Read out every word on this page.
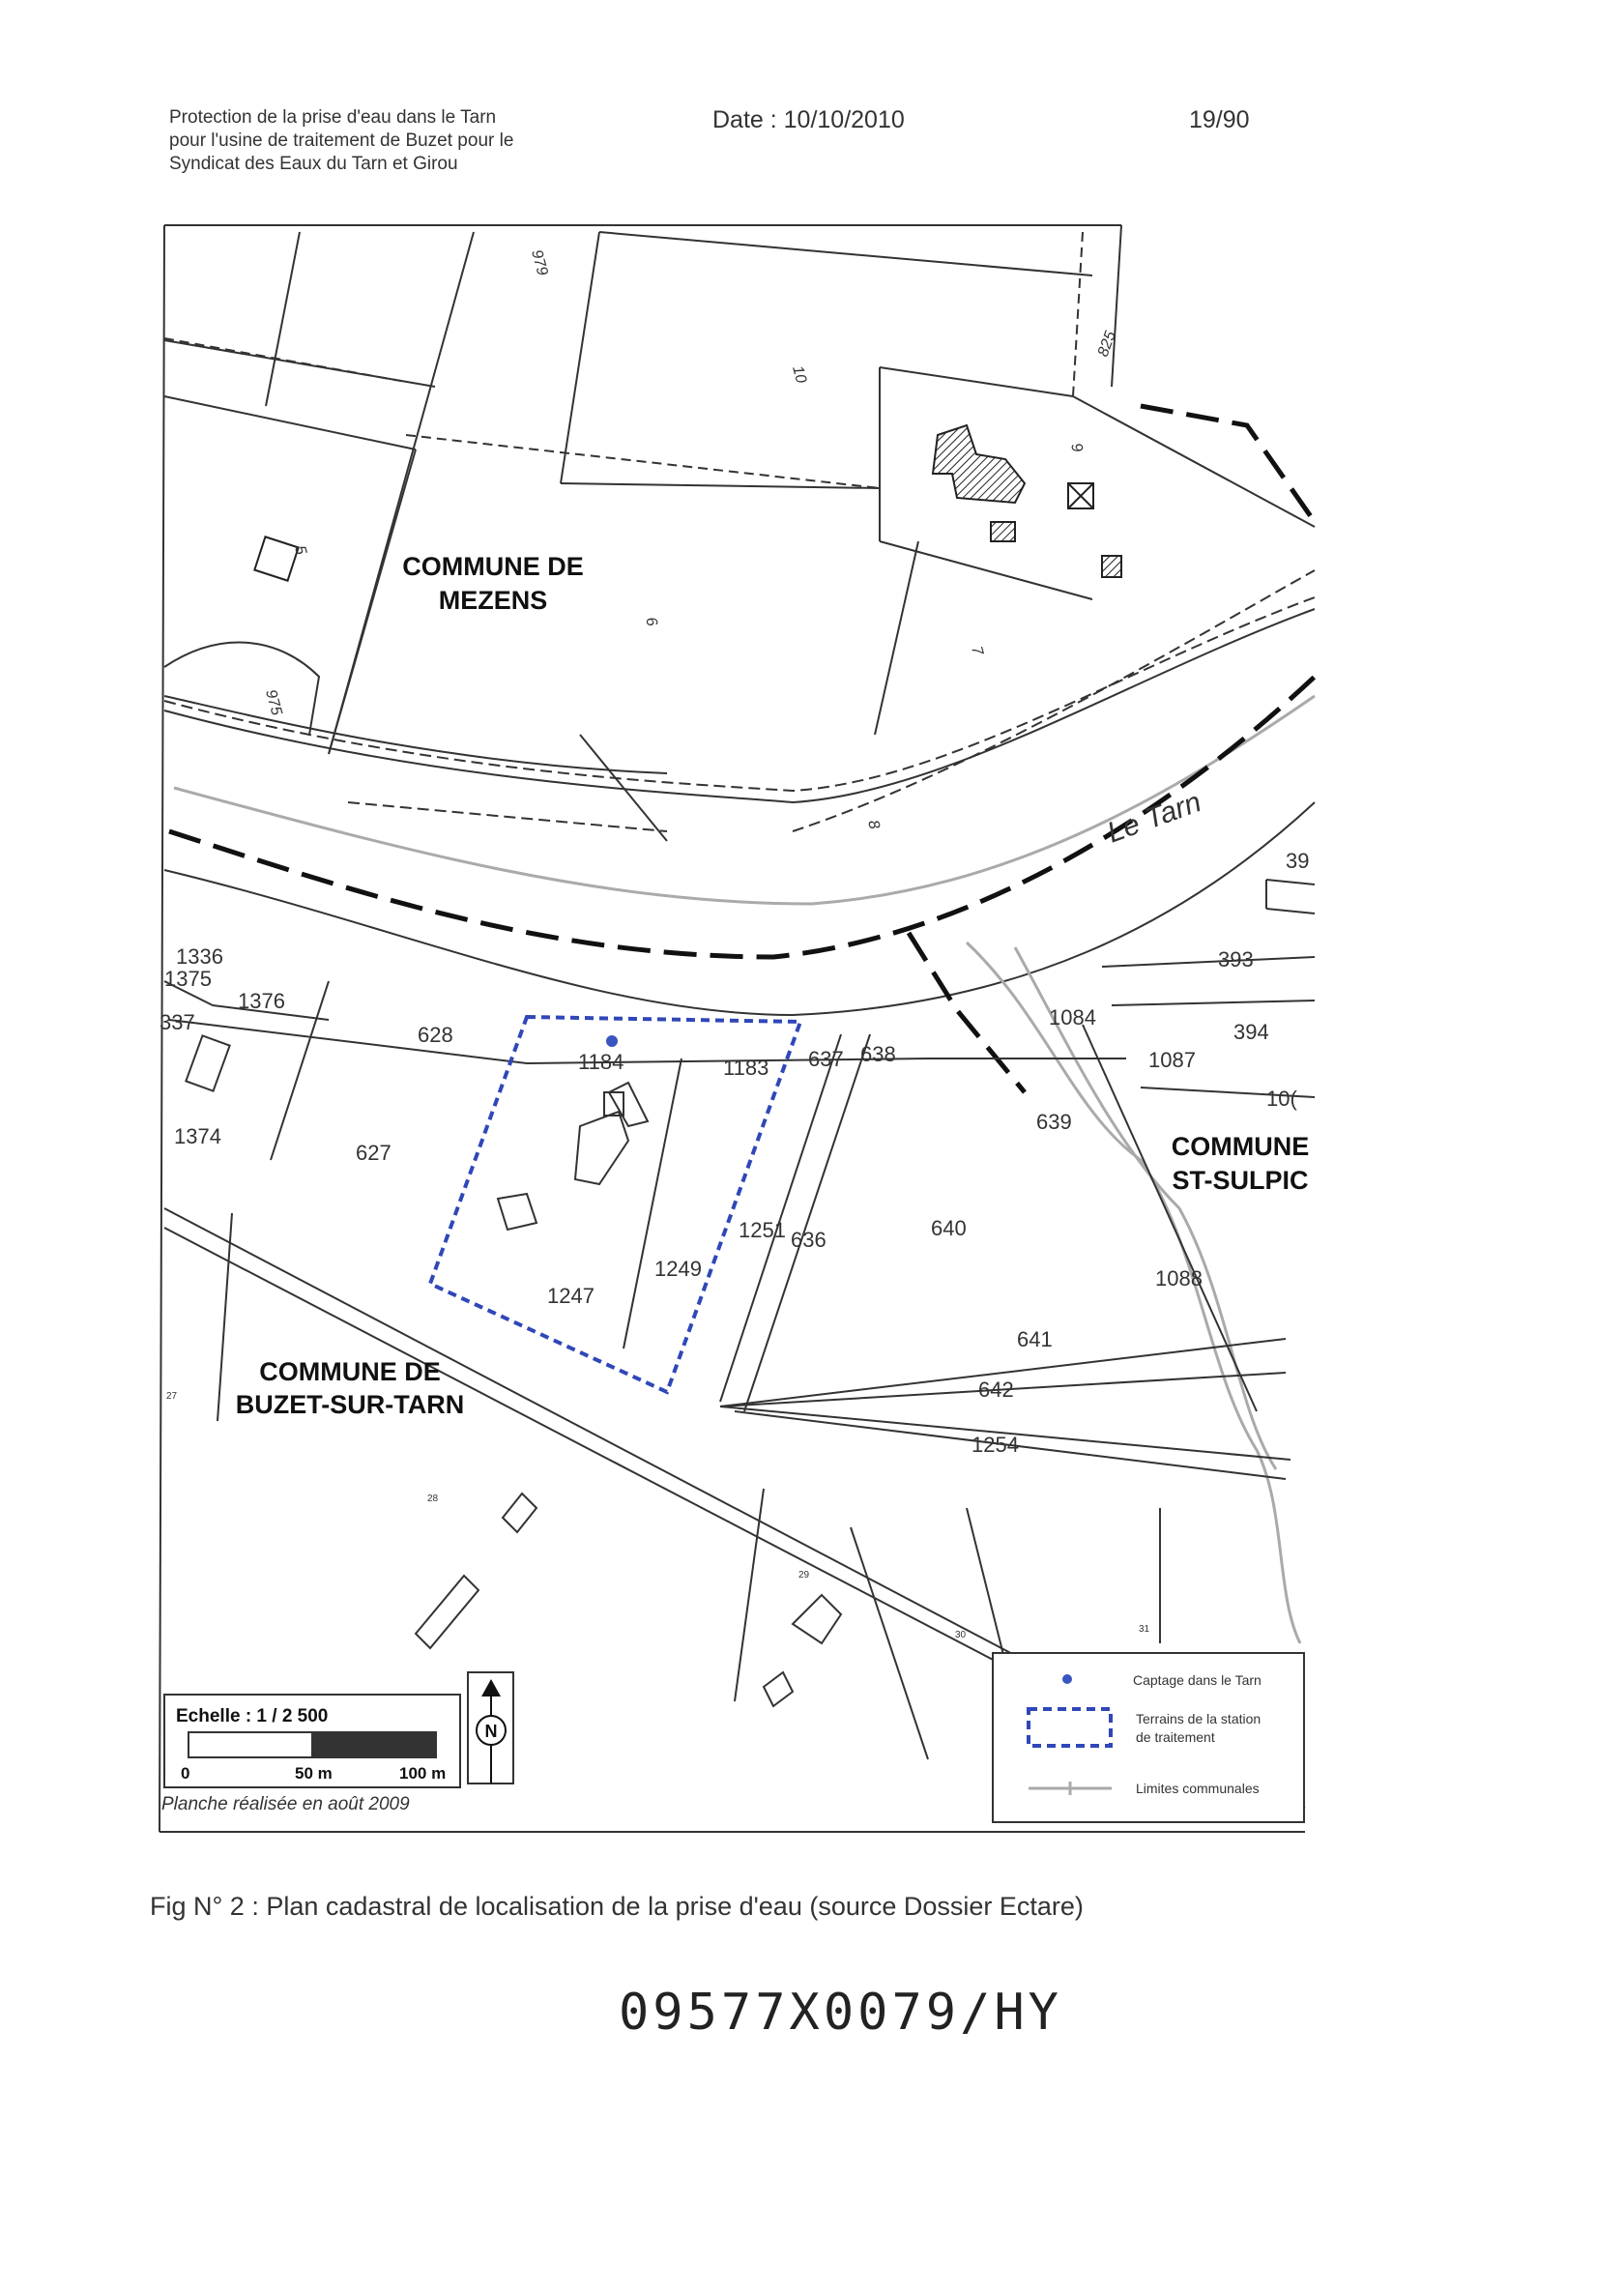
Protection de la prise d'eau dans le Tarn
pour l'usine de traitement de Buzet pour le
Syndicat des Eaux du Tarn et Girou
Date : 10/10/2010	19/90
Le Tarn
COMMUNE DE
MEZENS
COMMUNE DE
BUZET-SUR-TARN
COMMUNE
ST-SULPIC
979
10
825
9
5
6
7
8
975
1336
1375
1376
337
1374
628
627
1184	1183 637 638
1084
1087
394
393
39
10(
639
640
1251 636
1249
1247
1088
641
642
1254
27
28
29
30
31
Echelle : 1 / 2 500
0	50 m	100 m
Planche réalisée en août 2009
N
Captage dans le Tarn
Terrains de la station
de traitement
Limites communales
Fig N° 2 : Plan cadastral de localisation de la prise d'eau (source Dossier Ectare)
09577X0079/HY
